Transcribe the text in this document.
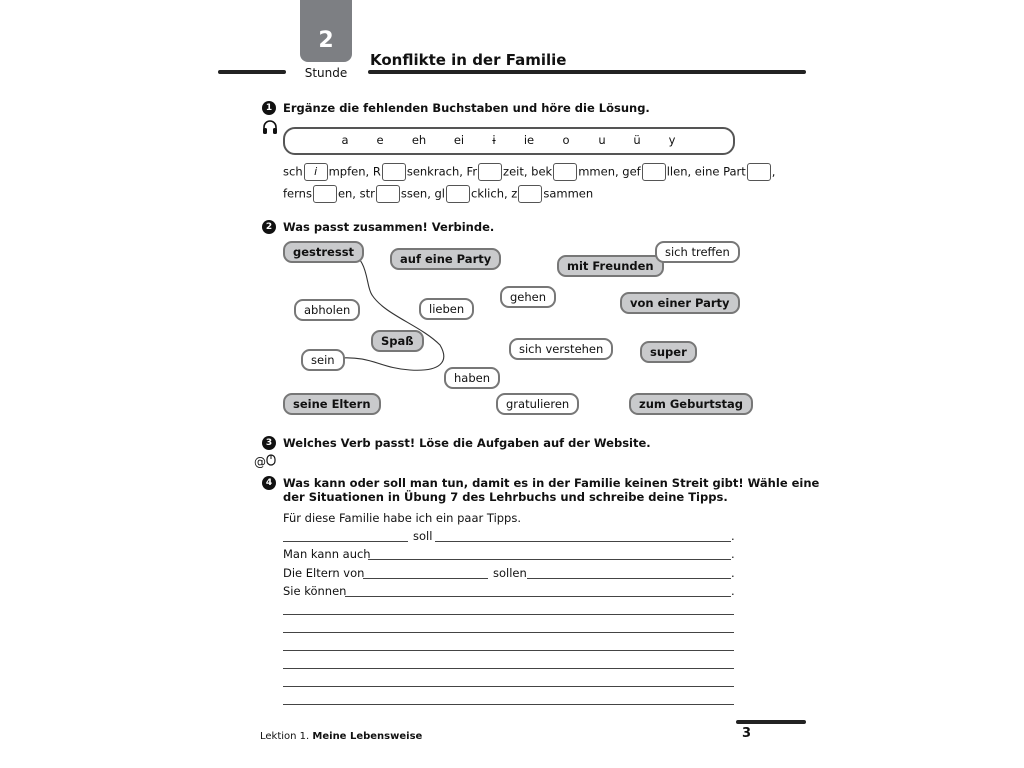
2
Stunde
Konflikte in der Familie
1 Ergänze die fehlenden Buchstaben und höre die Lösung.
a	e	eh	ei	i	ie	o	u	ü	y
sch i mpfen, R senkrach, Fr zeit, bek mmen, gef llen, eine Part ,
ferns en, str ssen, gl cklich, z sammen
2 Was passt zusammen! Verbinde.
gestresst	auf eine Party	mit Freunden
sich treffen
abholen	lieben
gehen	von einer Party
Spaß
sich verstehen	super
sein
haben
seine Eltern	gratulieren	zum Geburtstag
3 Welches Verb passt! Löse die Aufgaben auf der Website.
@
4 Was kann oder soll man tun, damit es in der Familie keinen Streit gibt! Wähle eine
der Situationen in Übung 7 des Lehrbuchs und schreibe deine Tipps.
Für diese Familie habe ich ein paar Tipps.
soll	.
Man kann auch	.
Die Eltern von	sollen	.
Sie können	.
Lektion 1. Meine Lebensweise	3
